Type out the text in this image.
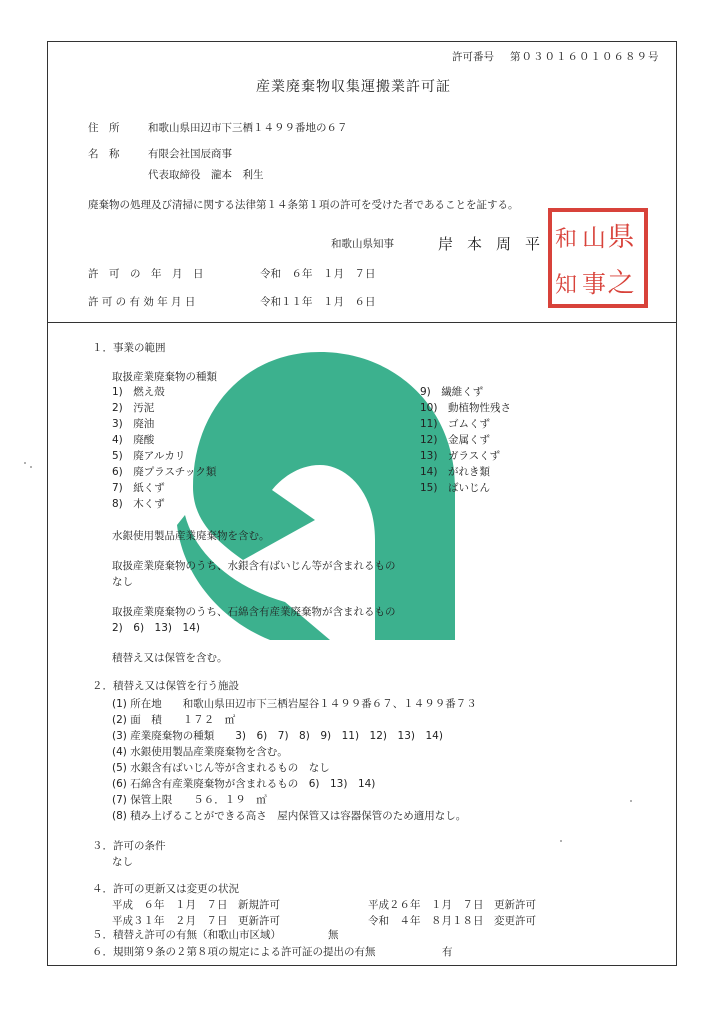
許可番号 第０３０１６０１０６８９号
産業廃棄物収集運搬業許可証
住　所	和歌山県田辺市下三栖１４９９番地の６７
名　称	有限会社国辰商事
代表取締役　瀧本　利生
廃棄物の処理及び清掃に関する法律第１４条第１項の許可を受けた者であることを証する。
和歌山県知事	岸本周平 県
之
山
事
和
知
許　可　の　年　月　日	令和　６年　１月　７日
許 可 の 有 効 年 月 日	令和１１年　１月　６日
１．事業の範囲
取扱産業廃棄物の種類
1)　燃え殻
2)　汚泥
3)　廃油
4)　廃酸
5)　廃アルカリ
6)　廃プラスチック類
7)　紙くず
8)　木くず
9)　繊維くず
10)　動植物性残さ
11)　ゴムくず
12)　金属くず
13)　ガラスくず
14)　がれき類
15)　ばいじん
水銀使用製品産業廃棄物を含む。
取扱産業廃棄物のうち、水銀含有ばいじん等が含まれるもの
なし
取扱産業廃棄物のうち、石綿含有産業廃棄物が含まれるもの
2)　6)　13)　14)
積替え又は保管を含む。
２．積替え又は保管を行う施設
(1) 所在地　　和歌山県田辺市下三栖岩屋谷１４９９番６７、１４９９番７３
(2) 面　積　　１７２　㎡
(3) 産業廃棄物の種類　　3)　6)　7)　8)　9)　11)　12)　13)　14)
(4) 水銀使用製品産業廃棄物を含む。
(5) 水銀含有ばいじん等が含まれるもの　なし
(6) 石綿含有産業廃棄物が含まれるもの　6)　13)　14)
(7) 保管上限　　５６．１９　㎥
(8) 積み上げることができる高さ　屋内保管又は容器保管のため適用なし。
３．許可の条件
なし
４．許可の更新又は変更の状況
平成　６年　１月　７日　新規許可	平成２６年　１月　７日　更新許可
平成３１年　２月　７日　更新許可	令和　４年　８月１８日　変更許可
５．積替え許可の有無（和歌山市区域）	無
６．規則第９条の２第８項の規定による許可証の提出の有無	有
